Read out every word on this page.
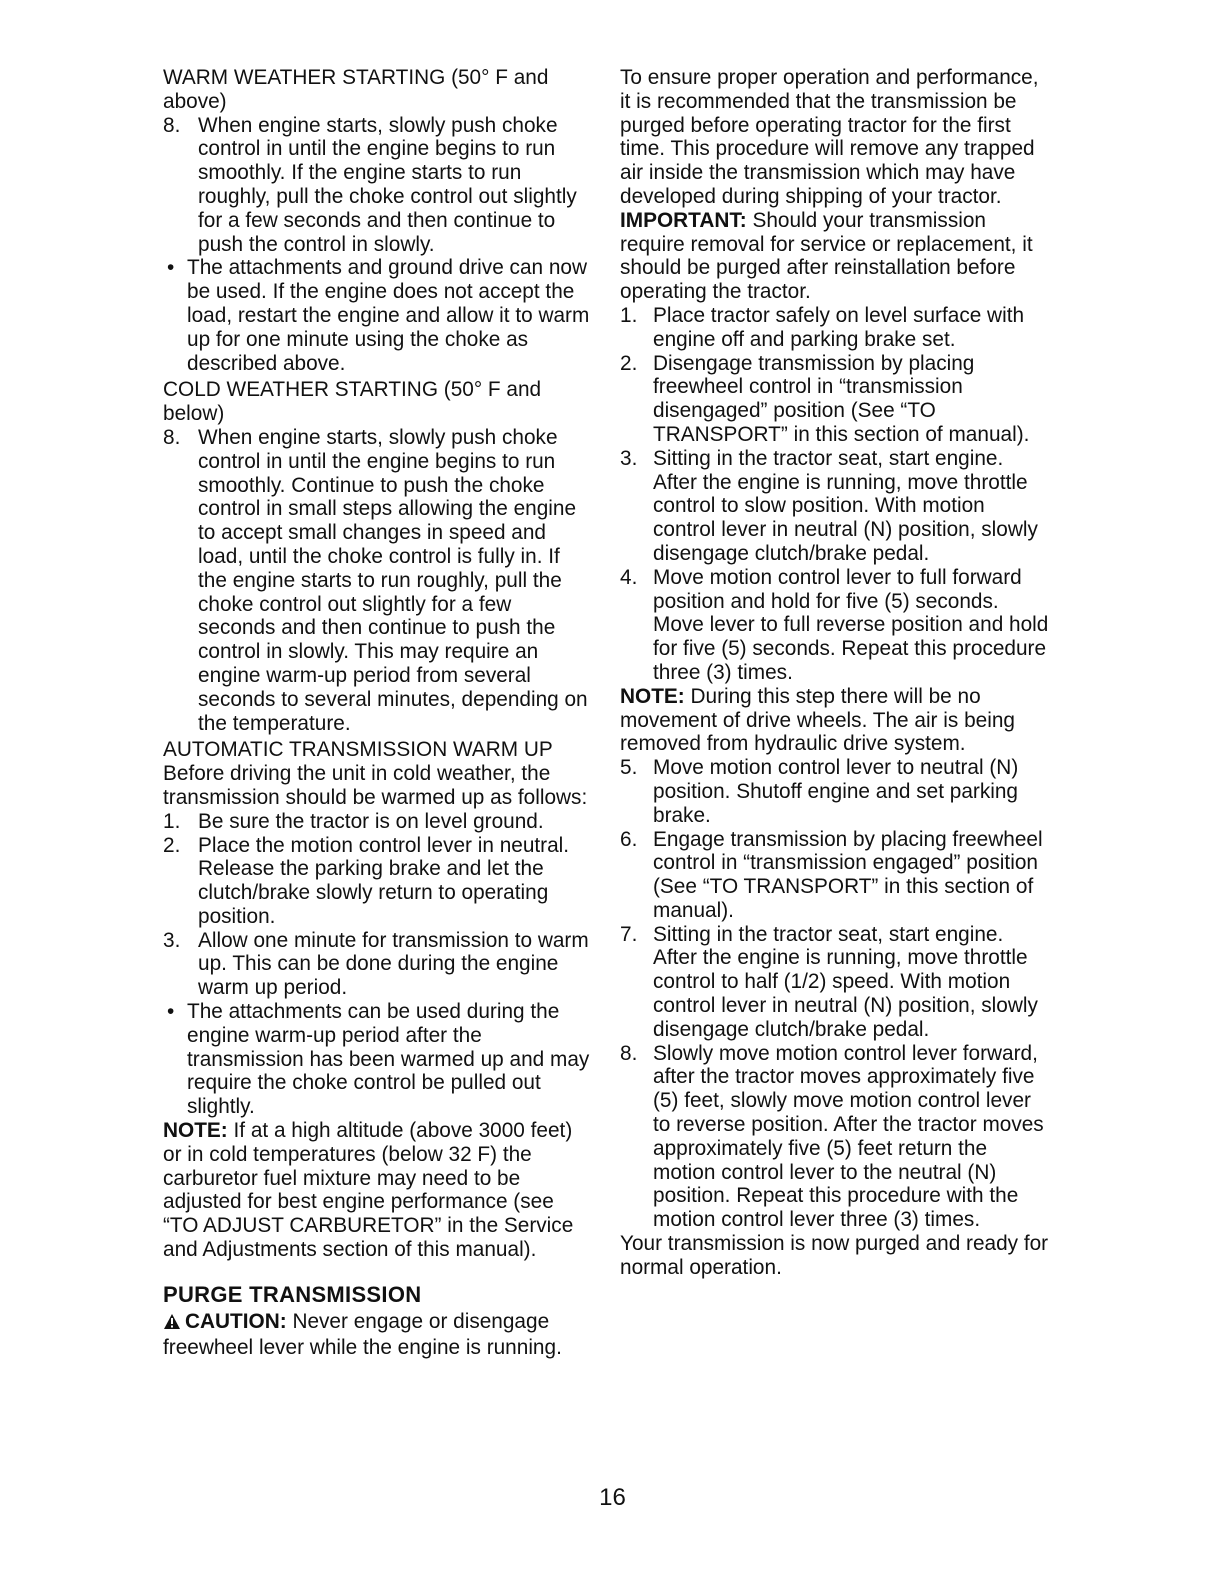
WARM WEATHER STARTING (50° F and above)

8. When engine starts, slowly push choke control in until the engine begins to run smoothly. If the engine starts to run roughly, pull the choke control out slightly for a few seconds and then continue to push the control in slowly.
• The attachments and ground drive can now be used. If the engine does not accept the load, restart the engine and allow it to warm up for one minute using the choke as described above.

COLD WEATHER STARTING (50° F and below)

8. When engine starts, slowly push choke control in until the engine begins to run smoothly. Continue to push the choke control in small steps allowing the engine to accept small changes in speed and load, until the choke control is fully in. If the engine starts to run roughly, pull the choke control out slightly for a few seconds and then continue to push the control in slowly. This may require an engine warm-up period from several seconds to several minutes, depending on the temperature.

AUTOMATIC TRANSMISSION WARM UP

Before driving the unit in cold weather, the transmission should be warmed up as follows:

1. Be sure the tractor is on level ground.
2. Place the motion control lever in neutral. Release the parking brake and let the clutch/brake slowly return to operating position.
3. Allow one minute for transmission to warm up. This can be done during the engine warm up period.
• The attachments can be used during the engine warm-up period after the transmission has been warmed up and may require the choke control be pulled out slightly.

NOTE: If at a high altitude (above 3000 feet) or in cold temperatures (below 32 F) the carburetor fuel mixture may need to be adjusted for best engine performance (see “TO ADJUST CARBURETOR” in the Service and Adjustments section of this manual).

PURGE TRANSMISSION

CAUTION: Never engage or disengage freewheel lever while the engine is running.

To ensure proper operation and performance, it is recommended that the transmission be purged before operating tractor for the first time. This procedure will remove any trapped air inside the transmission which may have developed during shipping of your tractor.

IMPORTANT: Should your transmission require removal for service or replacement, it should be purged after reinstallation before operating the tractor.

1. Place tractor safely on level surface with engine off and parking brake set.
2. Disengage transmission by placing freewheel control in “transmission disengaged” position (See “TO TRANSPORT” in this section of manual).
3. Sitting in the tractor seat, start engine. After the engine is running, move throttle control to slow position. With motion control lever in neutral (N) position, slowly disengage clutch/brake pedal.
4. Move motion control lever to full forward position and hold for five (5) seconds. Move lever to full reverse position and hold for five (5) seconds. Repeat this procedure three (3) times.

NOTE: During this step there will be no movement of drive wheels. The air is being removed from hydraulic drive system.

5. Move motion control lever to neutral (N) position. Shutoff engine and set parking brake.
6. Engage transmission by placing freewheel control in “transmission engaged” position (See “TO TRANSPORT” in this section of manual).
7. Sitting in the tractor seat, start engine. After the engine is running, move throttle control to half (1/2) speed. With motion control lever in neutral (N) position, slowly disengage clutch/brake pedal.
8. Slowly move motion control lever forward, after the tractor moves approximately five (5) feet, slowly move motion control lever to reverse position. After the tractor moves approximately five (5) feet return the motion control lever to the neutral (N) position. Repeat this procedure with the motion control lever three (3) times.

Your transmission is now purged and ready for normal operation.

16
